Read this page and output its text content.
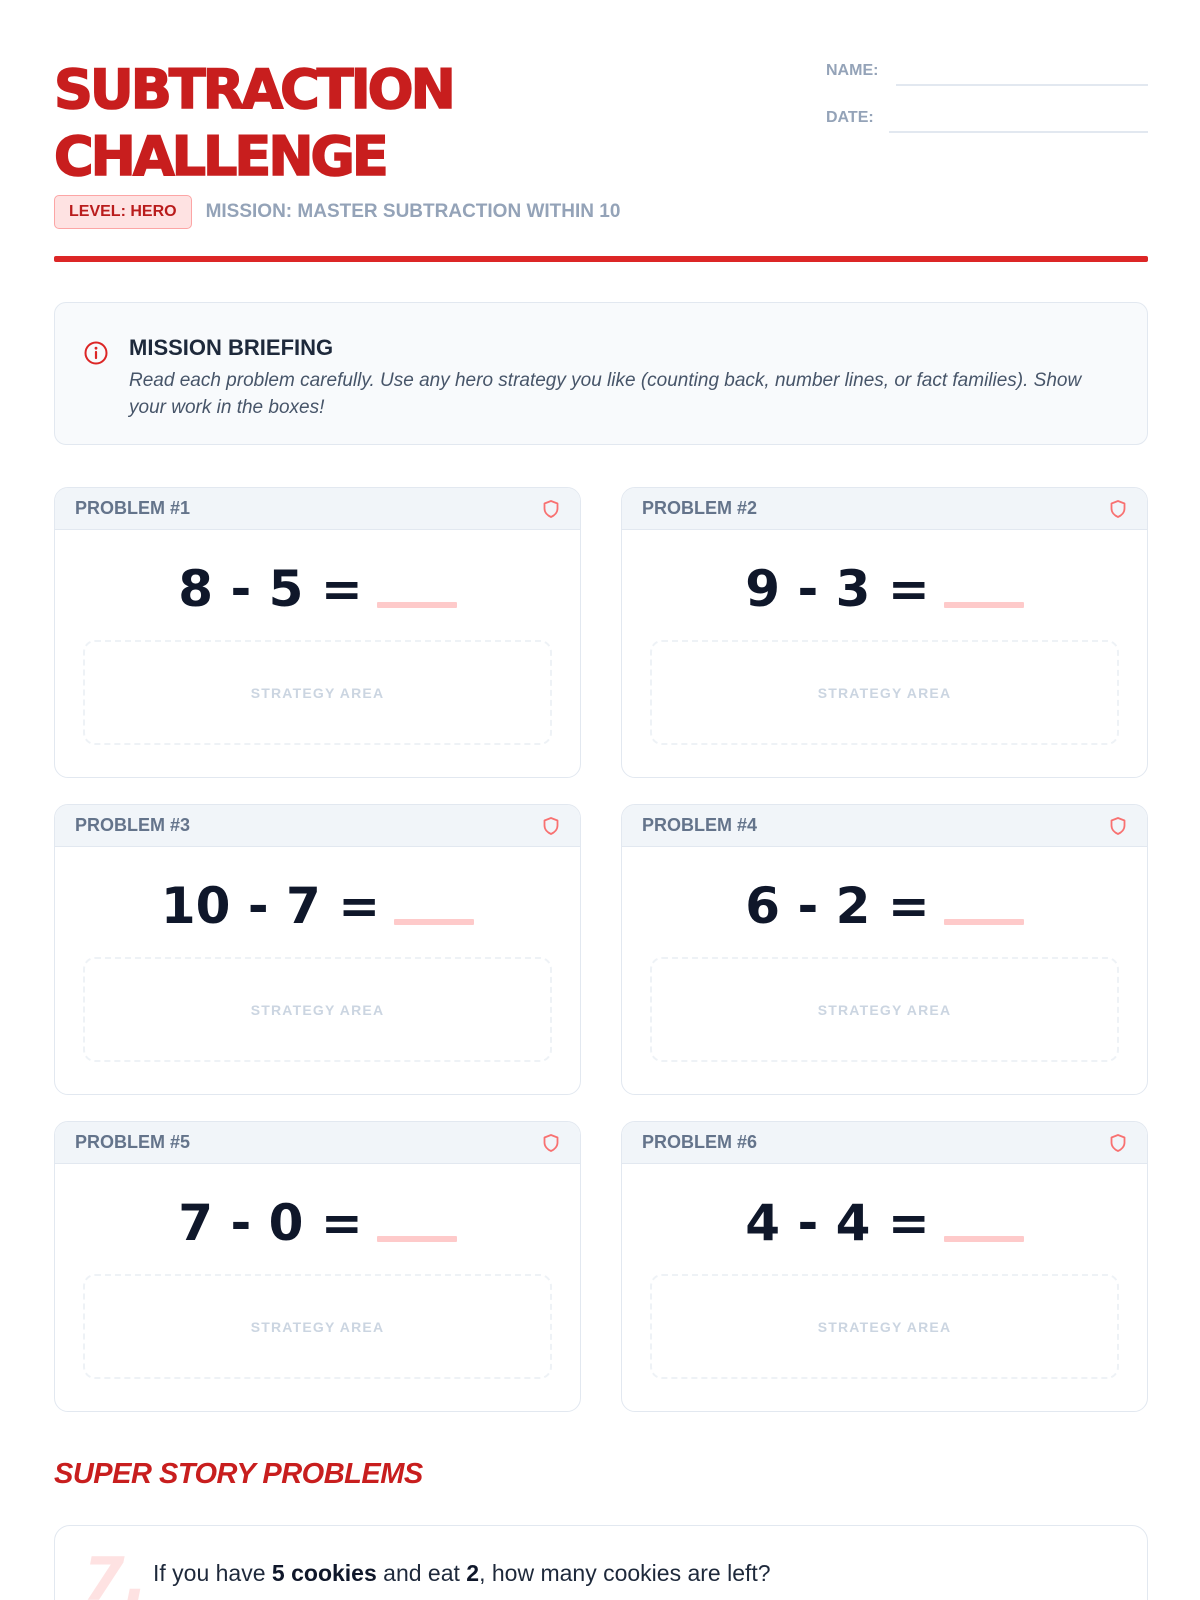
SUBTRACTION
CHALLENGE
LEVEL: HERO	MISSION: MASTER SUBTRACTION WITHIN 10
NAME:
DATE:
MISSION BRIEFING
Read each problem carefully. Use any hero strategy you like (counting back, number lines, or fact families). Show your work in the boxes!
PROBLEM #1
8 - 5 =
STRATEGY AREA
PROBLEM #2
9 - 3 =
STRATEGY AREA
PROBLEM #3
10 - 7 =
STRATEGY AREA
PROBLEM #4
6 - 2 =
STRATEGY AREA
PROBLEM #5
7 - 0 =
STRATEGY AREA
PROBLEM #6
4 - 4 =
STRATEGY AREA
SUPER STORY PROBLEMS
7. If you have 5 cookies and eat 2, how many cookies are left?
